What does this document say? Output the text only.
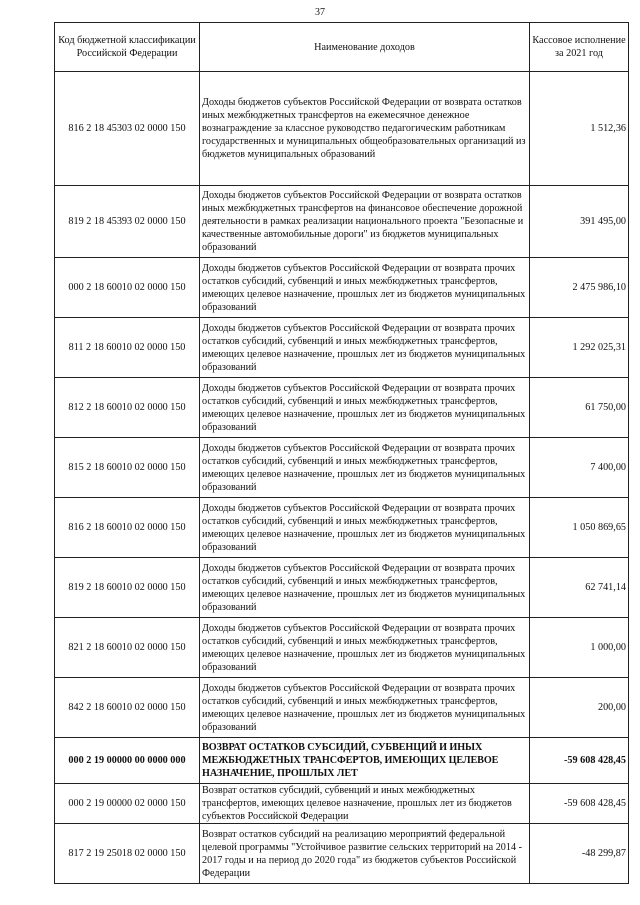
37
Код бюджетной классификации Российской Федерации	Наименование доходов	Кассовое исполнение за 2021 год
816 2 18 45303 02 0000 150	Доходы бюджетов субъектов Российской Федерации от возврата остатков иных межбюджетных трансфертов на ежемесячное денежное вознаграждение за классное руководство педагогическим работникам государственных и муниципальных общеобразовательных организаций из бюджетов муниципальных образований	1 512,36
819 2 18 45393 02 0000 150	Доходы бюджетов субъектов Российской Федерации от возврата остатков иных межбюджетных трансфертов на финансовое обеспечение дорожной деятельности в рамках реализации национального проекта "Безопасные и качественные автомобильные дороги" из бюджетов муниципальных образований	391 495,00
000 2 18 60010 02 0000 150	Доходы бюджетов субъектов Российской Федерации от возврата прочих остатков субсидий, субвенций и иных межбюджетных трансфертов, имеющих целевое назначение, прошлых лет из бюджетов муниципальных образований	2 475 986,10
811 2 18 60010 02 0000 150	Доходы бюджетов субъектов Российской Федерации от возврата прочих остатков субсидий, субвенций и иных межбюджетных трансфертов, имеющих целевое назначение, прошлых лет из бюджетов муниципальных образований	1 292 025,31
812 2 18 60010 02 0000 150	Доходы бюджетов субъектов Российской Федерации от возврата прочих остатков субсидий, субвенций и иных межбюджетных трансфертов, имеющих целевое назначение, прошлых лет из бюджетов муниципальных образований	61 750,00
815 2 18 60010 02 0000 150	Доходы бюджетов субъектов Российской Федерации от возврата прочих остатков субсидий, субвенций и иных межбюджетных трансфертов, имеющих целевое назначение, прошлых лет из бюджетов муниципальных образований	7 400,00
816 2 18 60010 02 0000 150	Доходы бюджетов субъектов Российской Федерации от возврата прочих остатков субсидий, субвенций и иных межбюджетных трансфертов, имеющих целевое назначение, прошлых лет из бюджетов муниципальных образований	1 050 869,65
819 2 18 60010 02 0000 150	Доходы бюджетов субъектов Российской Федерации от возврата прочих остатков субсидий, субвенций и иных межбюджетных трансфертов, имеющих целевое назначение, прошлых лет из бюджетов муниципальных образований	62 741,14
821 2 18 60010 02 0000 150	Доходы бюджетов субъектов Российской Федерации от возврата прочих остатков субсидий, субвенций и иных межбюджетных трансфертов, имеющих целевое назначение, прошлых лет из бюджетов муниципальных образований	1 000,00
842 2 18 60010 02 0000 150	Доходы бюджетов субъектов Российской Федерации от возврата прочих остатков субсидий, субвенций и иных межбюджетных трансфертов, имеющих целевое назначение, прошлых лет из бюджетов муниципальных образований	200,00
000 2 19 00000 00 0000 000	ВОЗВРАТ ОСТАТКОВ СУБСИДИЙ, СУБВЕНЦИЙ И ИНЫХ МЕЖБЮДЖЕТНЫХ ТРАНСФЕРТОВ, ИМЕЮЩИХ ЦЕЛЕВОЕ НАЗНАЧЕНИЕ, ПРОШЛЫХ ЛЕТ	-59 608 428,45
000 2 19 00000 02 0000 150	Возврат остатков субсидий, субвенций и иных межбюджетных трансфертов, имеющих целевое назначение, прошлых лет из бюджетов субъектов Российской Федерации	-59 608 428,45
817 2 19 25018 02 0000 150	Возврат остатков субсидий на реализацию мероприятий федеральной целевой программы "Устойчивое развитие сельских территорий на 2014 - 2017 годы и на период до 2020 года" из бюджетов субъектов Российской Федерации	-48 299,87
